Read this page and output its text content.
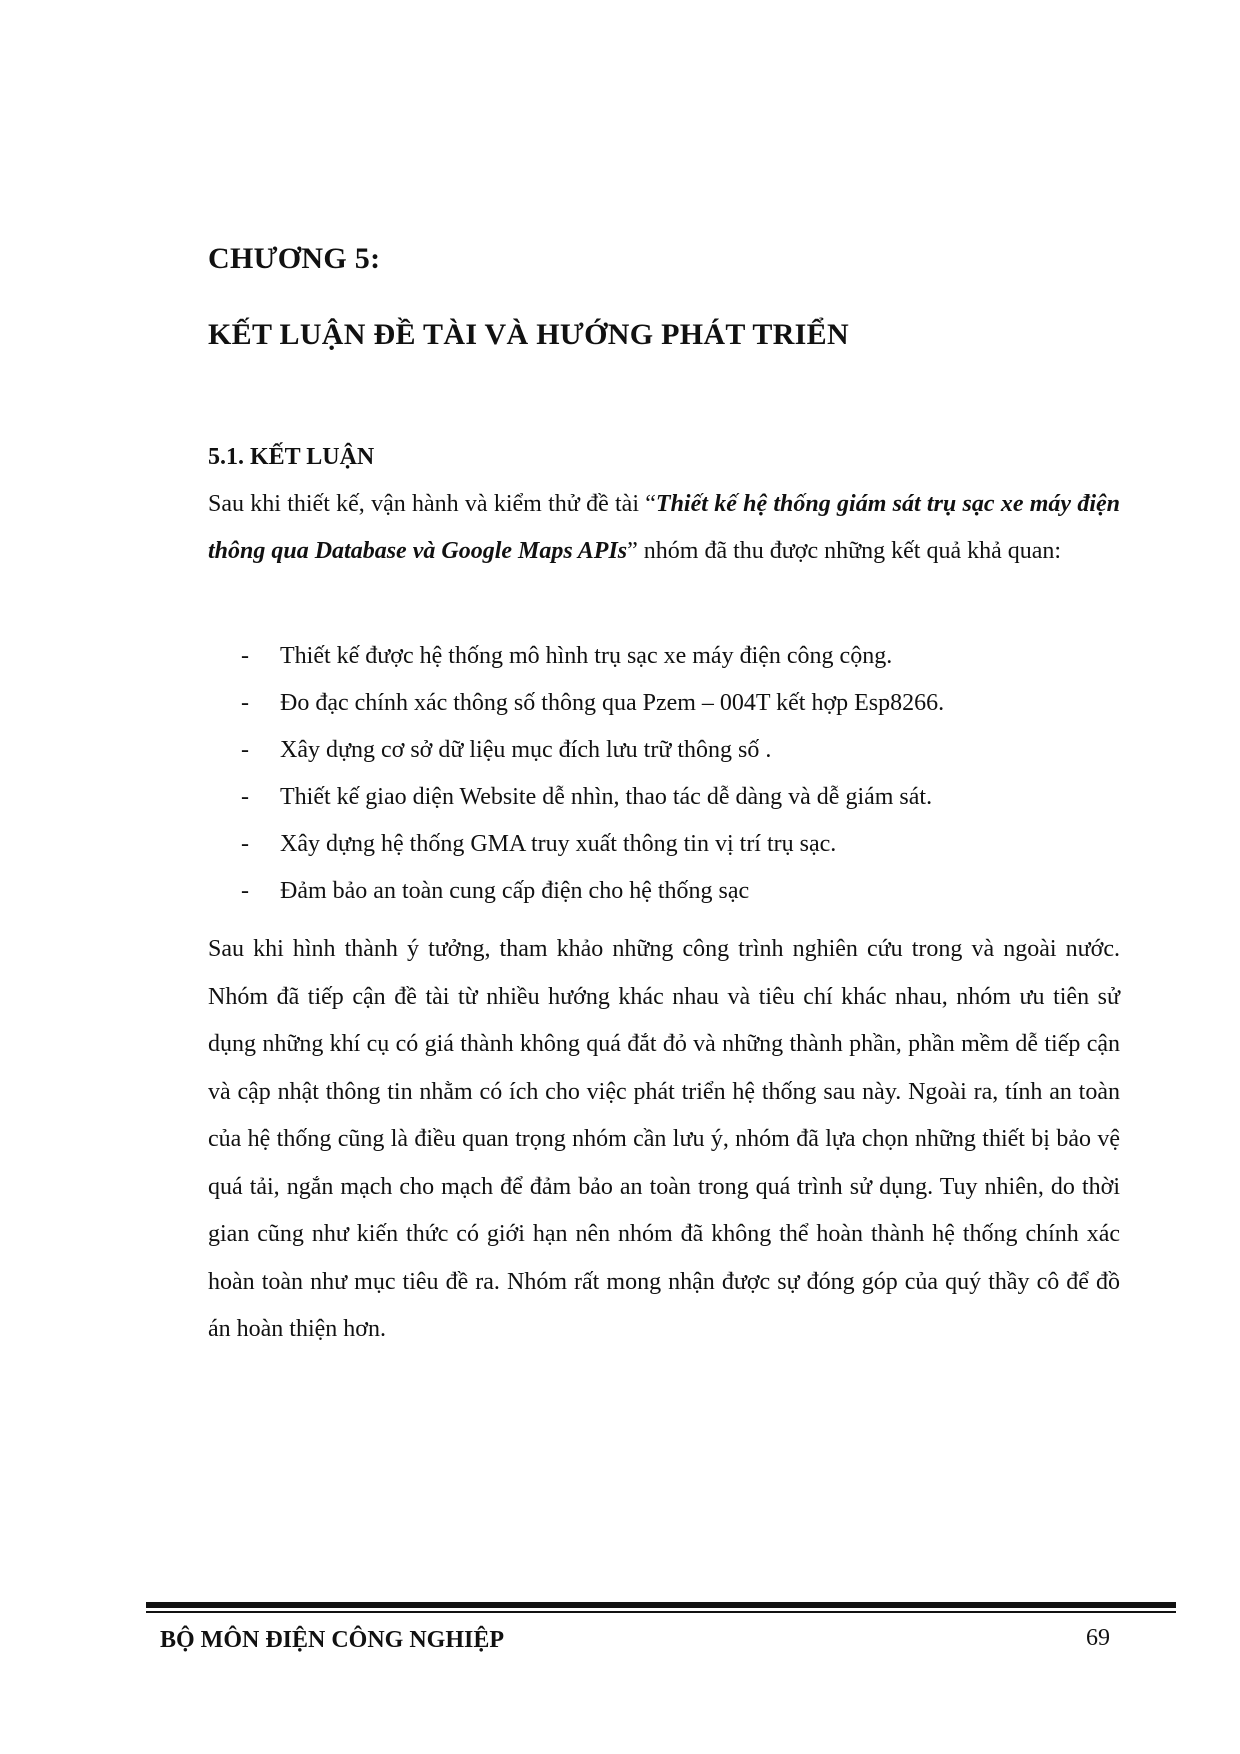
CHƯƠNG 5:
KẾT LUẬN ĐỀ TÀI VÀ HƯỚNG PHÁT TRIỂN
5.1. KẾT LUẬN

Sau khi thiết kế, vận hành và kiểm thử đề tài “Thiết kế hệ thống giám sát trụ sạc xe máy điện thông qua Database và Google Maps APIs” nhóm đã thu được những kết quả khả quan:

- Thiết kế được hệ thống mô hình trụ sạc xe máy điện công cộng.
- Đo đạc chính xác thông số thông qua Pzem – 004T kết hợp Esp8266.
- Xây dựng cơ sở dữ liệu mục đích lưu trữ thông số .
- Thiết kế giao diện Website dễ nhìn, thao tác dễ dàng và dễ giám sát.
- Xây dựng hệ thống GMA truy xuất thông tin vị trí trụ sạc.
- Đảm bảo an toàn cung cấp điện cho hệ thống sạc

Sau khi hình thành ý tưởng, tham khảo những công trình nghiên cứu trong và ngoài nước. Nhóm đã tiếp cận đề tài từ nhiều hướng khác nhau và tiêu chí khác nhau, nhóm ưu tiên sử dụng những khí cụ có giá thành không quá đắt đỏ và những thành phần, phần mềm dễ tiếp cận và cập nhật thông tin nhằm có ích cho việc phát triển hệ thống sau này. Ngoài ra, tính an toàn của hệ thống cũng là điều quan trọng nhóm cần lưu ý, nhóm đã lựa chọn những thiết bị bảo vệ quá tải, ngắn mạch cho mạch để đảm bảo an toàn trong quá trình sử dụng. Tuy nhiên, do thời gian cũng như kiến thức có giới hạn nên nhóm đã không thể hoàn thành hệ thống chính xác hoàn toàn như mục tiêu đề ra. Nhóm rất mong nhận được sự đóng góp của quý thầy cô để đồ án hoàn thiện hơn.

BỘ MÔN ĐIỆN CÔNG NGHIỆP	69
